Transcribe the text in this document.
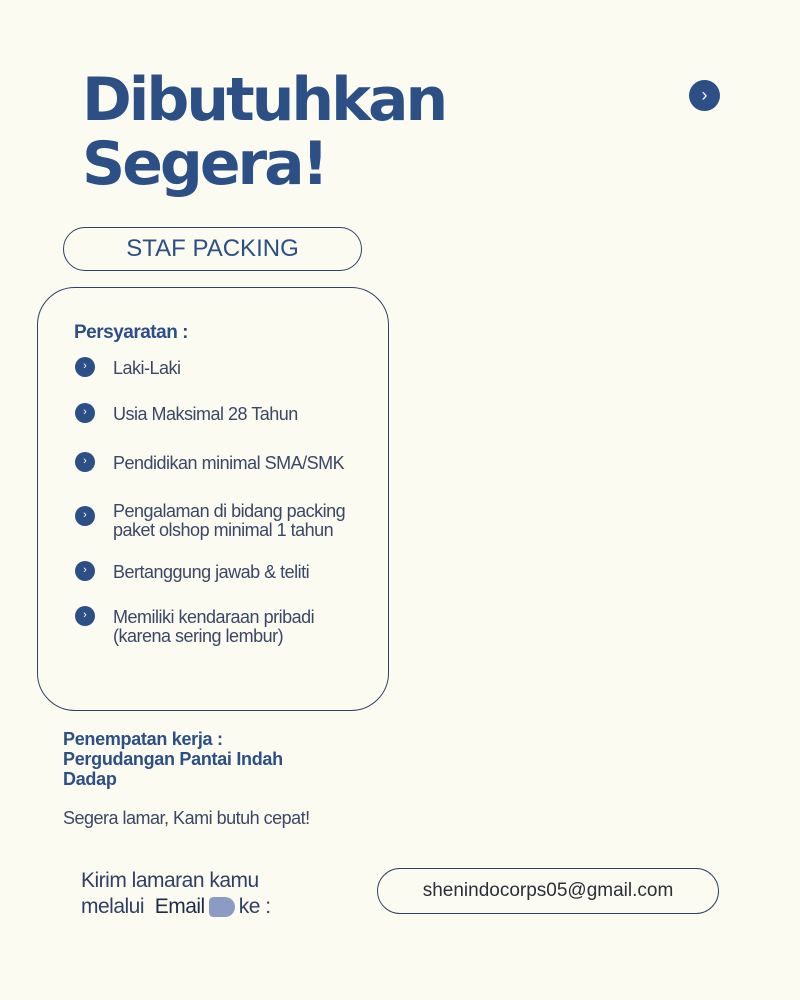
Dibutuhkan
Segera!
›
STAF PACKING
Persyaratan :
›	Laki-Laki
›	Usia Maksimal 28 Tahun
›	Pendidikan minimal SMA/SMK
›	Pengalaman di bidang packing
paket olshop minimal 1 tahun
›	Bertanggung jawab & teliti
›	Memiliki kendaraan pribadi
(karena sering lembur)
Penempatan kerja :
Pergudangan Pantai Indah
Dadap
Segera lamar, Kami butuh cepat!
Kirim lamaran kamu
melalui Email ke :
shenindocorps05@gmail.com
